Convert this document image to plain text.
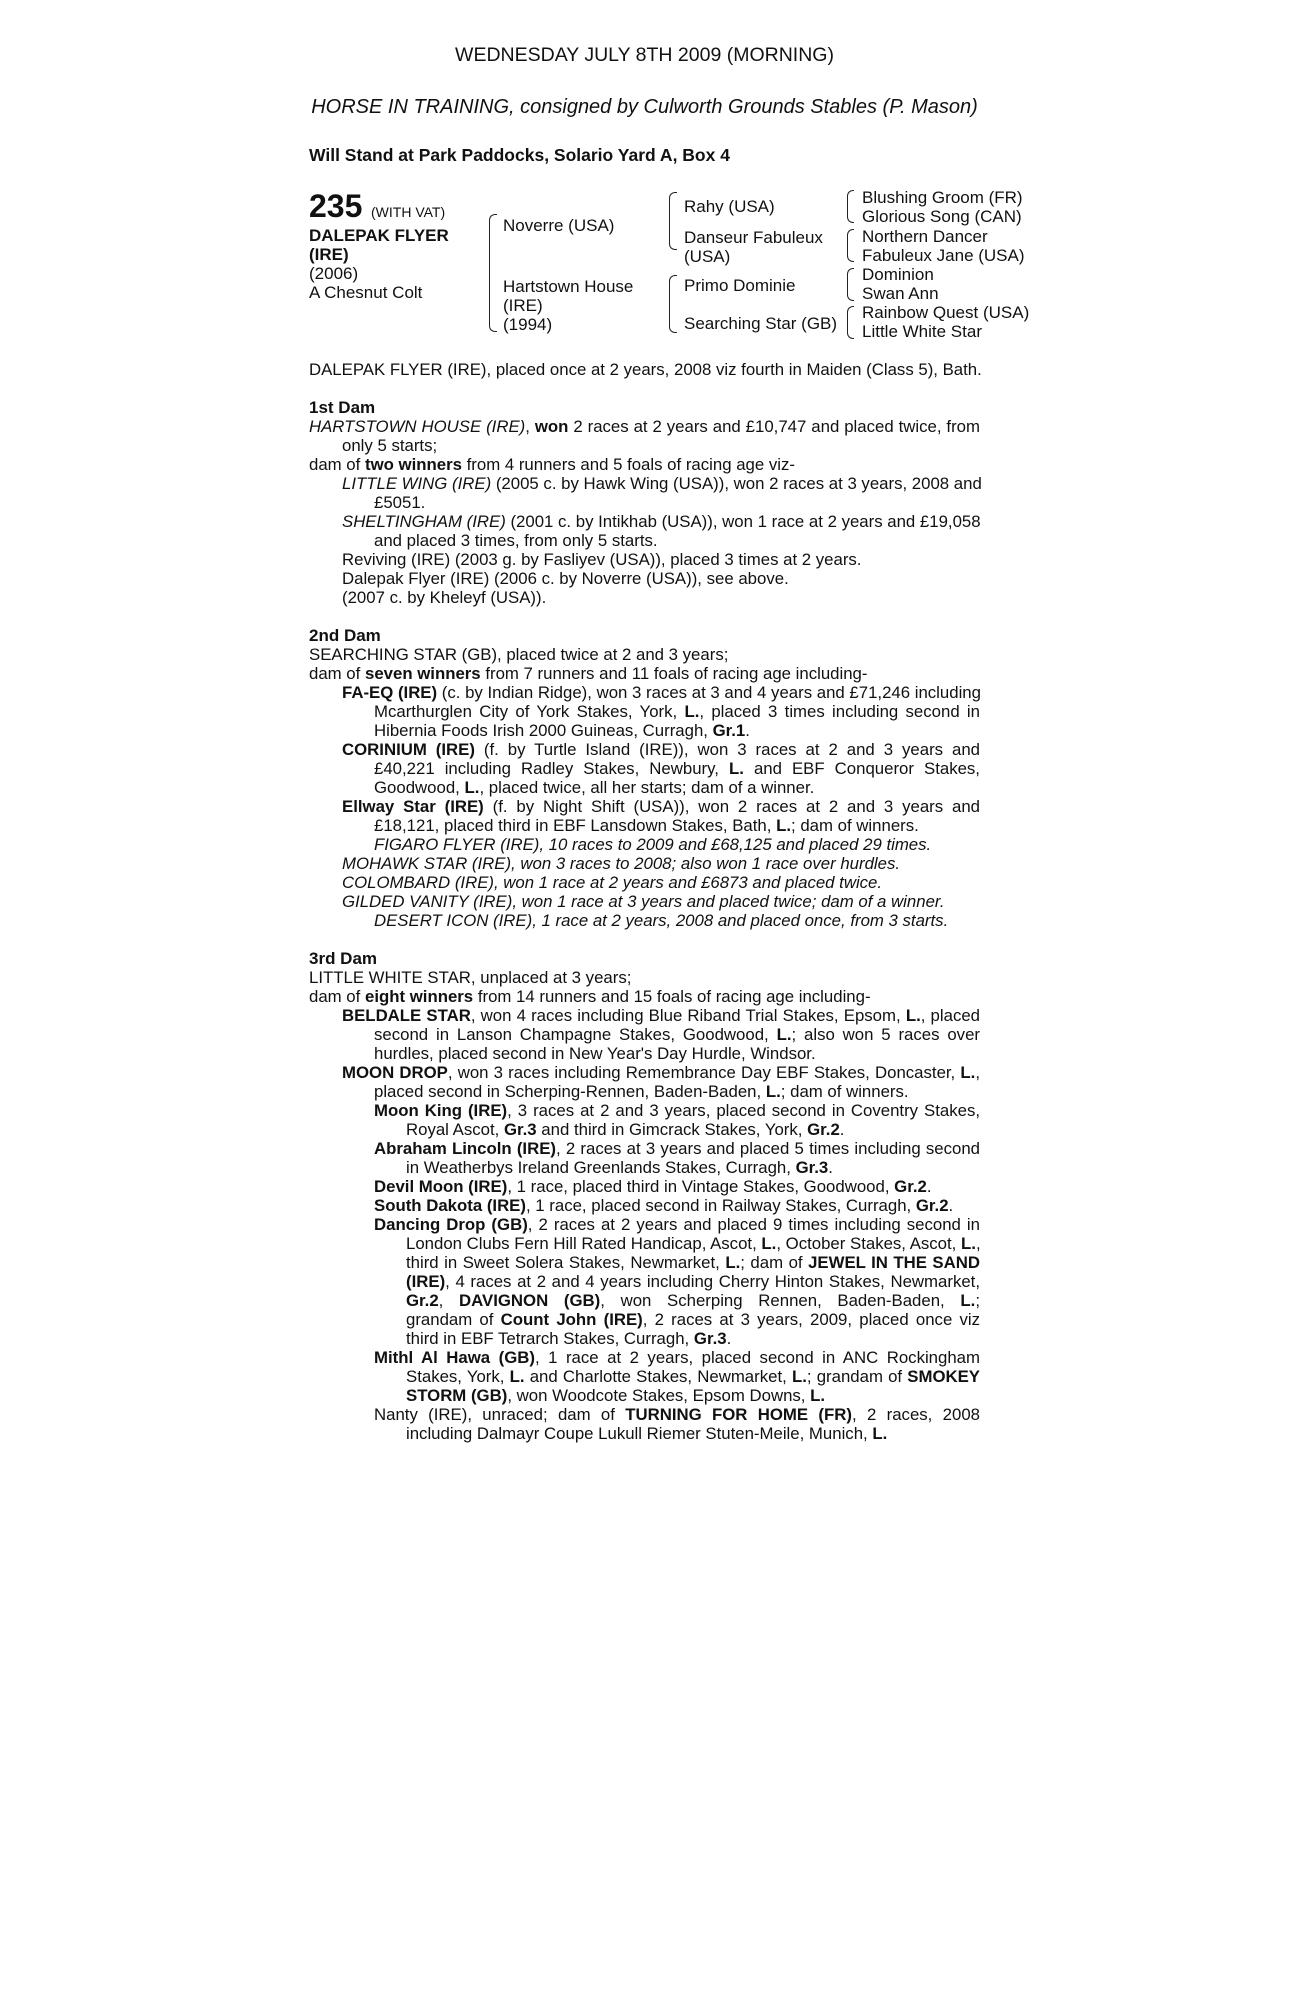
WEDNESDAY JULY 8TH 2009 (MORNING)
HORSE IN TRAINING, consigned by Culworth Grounds Stables (P. Mason)
Will Stand at Park Paddocks, Solario Yard A, Box 4
235 (WITH VAT)
DALEPAK FLYER
(IRE)
(2006)
A Chesnut Colt
Noverre (USA)
Hartstown House
(IRE)
(1994)
Rahy (USA)
Danseur Fabuleux
(USA)
Primo Dominie
Searching Star (GB)
Blushing Groom (FR)
Glorious Song (CAN)
Northern Dancer
Fabuleux Jane (USA)
Dominion
Swan Ann
Rainbow Quest (USA)
Little White Star
DALEPAK FLYER (IRE), placed once at 2 years, 2008 viz fourth in Maiden (Class 5), Bath.
1st Dam
HARTSTOWN HOUSE (IRE), won 2 races at 2 years and £10,747 and placed twice, from
only 5 starts;
dam of two winners from 4 runners and 5 foals of racing age viz-
LITTLE WING (IRE) (2005 c. by Hawk Wing (USA)), won 2 races at 3 years, 2008 and
£5051.
SHELTINGHAM (IRE) (2001 c. by Intikhab (USA)), won 1 race at 2 years and £19,058
and placed 3 times, from only 5 starts.
Reviving (IRE) (2003 g. by Fasliyev (USA)), placed 3 times at 2 years.
Dalepak Flyer (IRE) (2006 c. by Noverre (USA)), see above.
(2007 c. by Kheleyf (USA)).
2nd Dam
SEARCHING STAR (GB), placed twice at 2 and 3 years;
dam of seven winners from 7 runners and 11 foals of racing age including-
FA-EQ (IRE) (c. by Indian Ridge), won 3 races at 3 and 4 years and £71,246 including
Mcarthurglen City of York Stakes, York, L., placed 3 times including second in
Hibernia Foods Irish 2000 Guineas, Curragh, Gr.1.
CORINIUM (IRE) (f. by Turtle Island (IRE)), won 3 races at 2 and 3 years and
£40,221 including Radley Stakes, Newbury, L. and EBF Conqueror Stakes,
Goodwood, L., placed twice, all her starts; dam of a winner.
Ellway Star (IRE) (f. by Night Shift (USA)), won 2 races at 2 and 3 years and
£18,121, placed third in EBF Lansdown Stakes, Bath, L.; dam of winners.
FIGARO FLYER (IRE), 10 races to 2009 and £68,125 and placed 29 times.
MOHAWK STAR (IRE), won 3 races to 2008; also won 1 race over hurdles.
COLOMBARD (IRE), won 1 race at 2 years and £6873 and placed twice.
GILDED VANITY (IRE), won 1 race at 3 years and placed twice; dam of a winner.
DESERT ICON (IRE), 1 race at 2 years, 2008 and placed once, from 3 starts.
3rd Dam
LITTLE WHITE STAR, unplaced at 3 years;
dam of eight winners from 14 runners and 15 foals of racing age including-
BELDALE STAR, won 4 races including Blue Riband Trial Stakes, Epsom, L., placed
second in Lanson Champagne Stakes, Goodwood, L.; also won 5 races over
hurdles, placed second in New Year's Day Hurdle, Windsor.
MOON DROP, won 3 races including Remembrance Day EBF Stakes, Doncaster, L.,
placed second in Scherping-Rennen, Baden-Baden, L.; dam of winners.
Moon King (IRE), 3 races at 2 and 3 years, placed second in Coventry Stakes,
Royal Ascot, Gr.3 and third in Gimcrack Stakes, York, Gr.2.
Abraham Lincoln (IRE), 2 races at 3 years and placed 5 times including second
in Weatherbys Ireland Greenlands Stakes, Curragh, Gr.3.
Devil Moon (IRE), 1 race, placed third in Vintage Stakes, Goodwood, Gr.2.
South Dakota (IRE), 1 race, placed second in Railway Stakes, Curragh, Gr.2.
Dancing Drop (GB), 2 races at 2 years and placed 9 times including second in
London Clubs Fern Hill Rated Handicap, Ascot, L., October Stakes, Ascot, L.,
third in Sweet Solera Stakes, Newmarket, L.; dam of JEWEL IN THE SAND
(IRE), 4 races at 2 and 4 years including Cherry Hinton Stakes, Newmarket,
Gr.2, DAVIGNON (GB), won Scherping Rennen, Baden-Baden, L.;
grandam of Count John (IRE), 2 races at 3 years, 2009, placed once viz
third in EBF Tetrarch Stakes, Curragh, Gr.3.
Mithl Al Hawa (GB), 1 race at 2 years, placed second in ANC Rockingham
Stakes, York, L. and Charlotte Stakes, Newmarket, L.; grandam of SMOKEY
STORM (GB), won Woodcote Stakes, Epsom Downs, L.
Nanty (IRE), unraced; dam of TURNING FOR HOME (FR), 2 races, 2008
including Dalmayr Coupe Lukull Riemer Stuten-Meile, Munich, L.
